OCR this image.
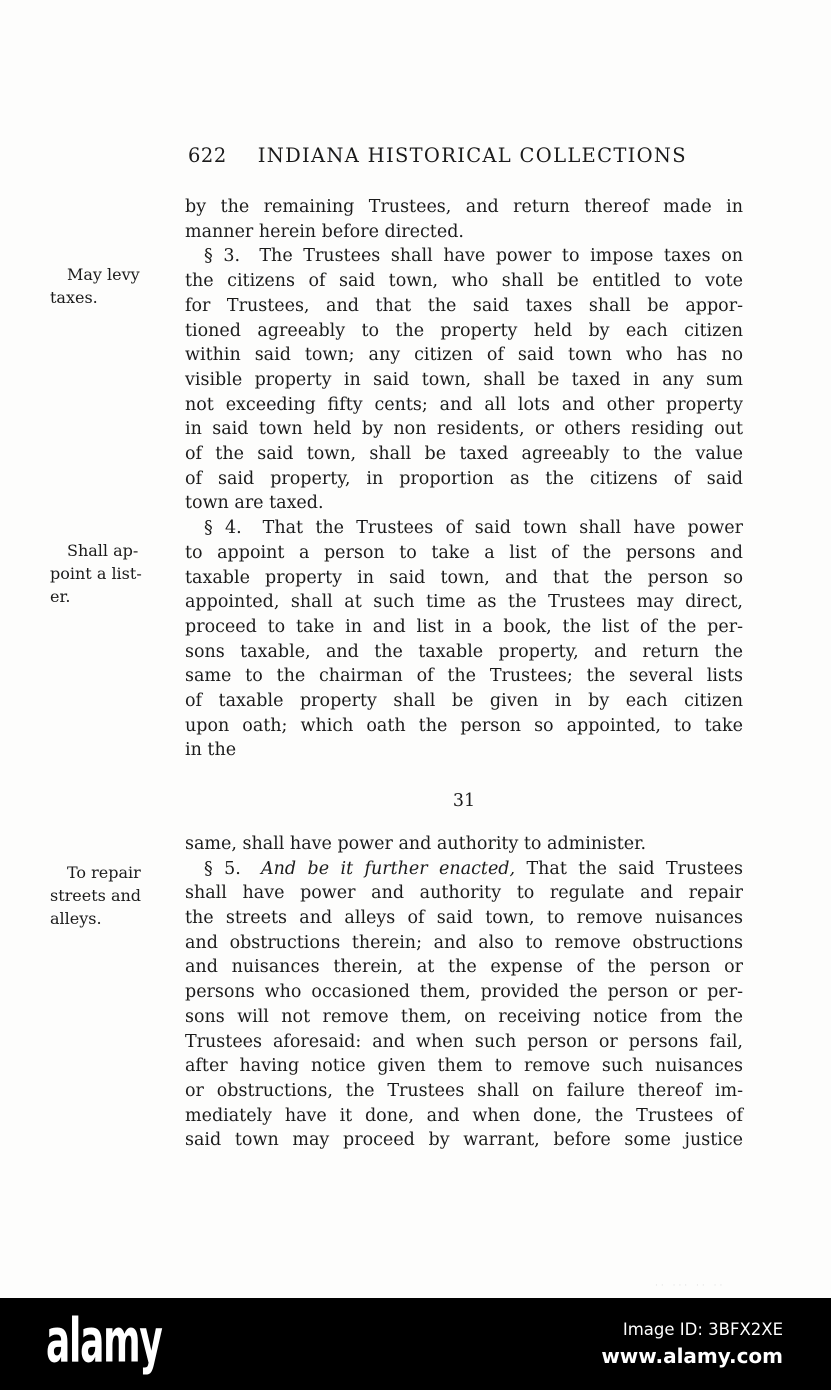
622 INDIANA HISTORICAL COLLECTIONS
May levy
taxes.
Shall ap-
point a list-
er.
To repair
streets and
alleys.
by the remaining Trustees, and return thereof made in
manner herein before directed.
§ 3.  The Trustees shall have power to impose taxes on
the citizens of said town, who shall be entitled to vote
for Trustees, and that the said taxes shall be appor-
tioned agreeably to the property held by each citizen
within said town; any citizen of said town who has no
visible property in said town, shall be taxed in any sum
not exceeding fifty cents; and all lots and other property
in said town held by non residents, or others residing out
of the said town, shall be taxed agreeably to the value
of said property, in proportion as the citizens of said
town are taxed.
§ 4.  That the Trustees of said town shall have power
to appoint a person to take a list of the persons and
taxable property in said town, and that the person so
appointed, shall at such time as the Trustees may direct,
proceed to take in and list in a book, the list of the per-
sons taxable, and the taxable property, and return the
same to the chairman of the Trustees; the several lists
of taxable property shall be given in by each citizen
upon oath; which oath the person so appointed, to take
in the
31
same, shall have power and authority to administer.
§ 5.  And be it further enacted, That the said Trustees
shall have power and authority to regulate and repair
the streets and alleys of said town, to remove nuisances
and obstructions therein; and also to remove obstructions
and nuisances therein, at the expense of the person or
persons who occasioned them, provided the person or per-
sons will not remove them, on receiving notice from the
Trustees aforesaid: and when such person or persons fail,
after having notice given them to remove such nuisances
or obstructions, the Trustees shall on failure thereof im-
mediately have it done, and when done, the Trustees of
said town may proceed by warrant, before some justice
·· ··· ·· ··
alamy	Image ID: 3BFX2XE
www.alamy.com
